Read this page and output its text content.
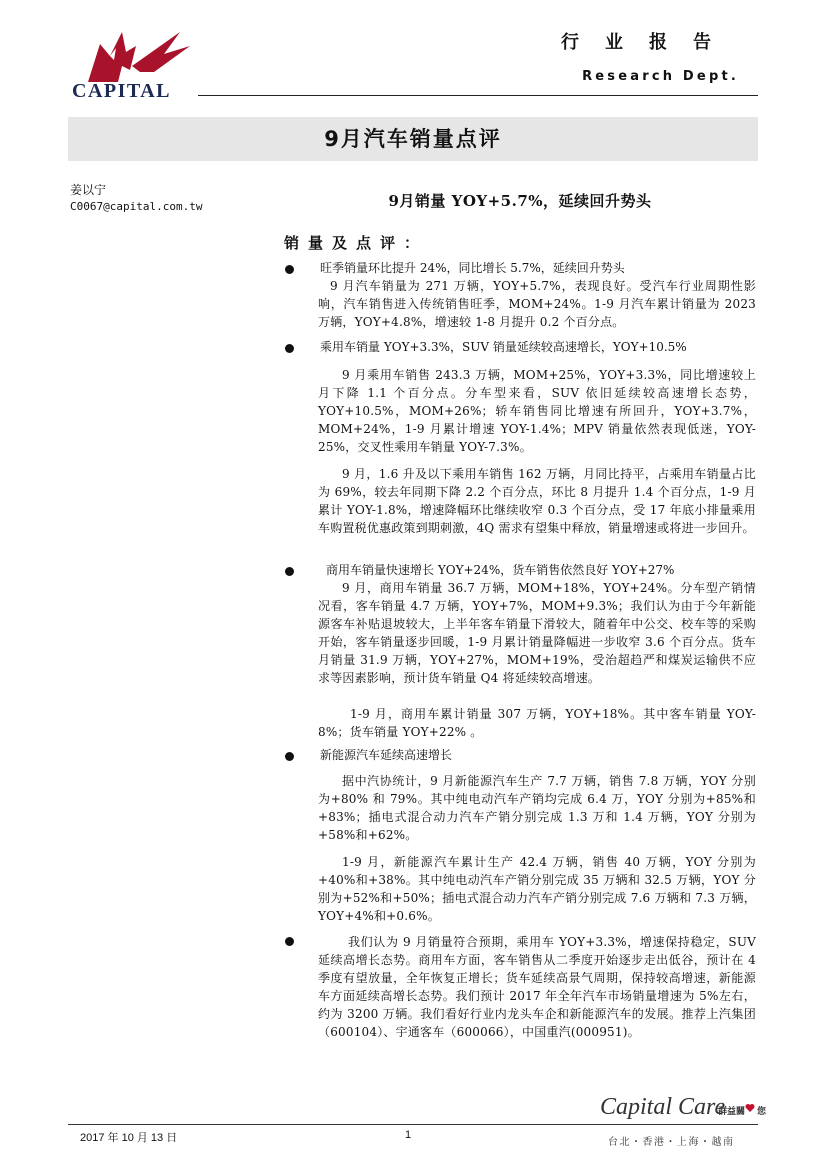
CAPITAL
行业报告
Research Dept.
9月汽车销量点评
姜以宁
C0067@capital.com.tw	9月销量 YOY+5.7%，延续回升势头
销量及点评：
旺季销量环比提升 24%，同比增长 5.7%，延续回升势头
9 月汽车销量为 271 万辆，YOY+5.7%，表现良好。受汽车行业周期性影响，汽车销售进入传统销售旺季，MOM+24%。1-9 月汽车累计销量为 2023 万辆，YOY+4.8%，增速较 1-8 月提升 0.2 个百分点。
乘用车销量 YOY+3.3%，SUV 销量延续较高速增长，YOY+10.5%
9 月乘用车销售 243.3 万辆，MOM+25%，YOY+3.3%，同比增速较上月下降 1.1 个百分点。分车型来看，SUV 依旧延续较高速增长态势，YOY+10.5%，MOM+26%；轿车销售同比增速有所回升，YOY+3.7%，MOM+24%，1-9 月累计增速 YOY-1.4%；MPV 销量依然表现低迷，YOY-25%，交叉性乘用车销量 YOY-7.3%。
9 月，1.6 升及以下乘用车销售 162 万辆，月同比持平，占乘用车销量占比为 69%，较去年同期下降 2.2 个百分点，环比 8 月提升 1.4 个百分点，1-9 月累计 YOY-1.8%，增速降幅环比继续收窄 0.3 个百分点，受 17 年底小排量乘用车购置税优惠政策到期刺激，4Q 需求有望集中释放，销量增速或将进一步回升。
商用车销量快速增长 YOY+24%，货车销售依然良好 YOY+27%
9 月，商用车销量 36.7 万辆，MOM+18%，YOY+24%。分车型产销情况看，客车销量 4.7 万辆，YOY+7%，MOM+9.3%；我们认为由于今年新能源客车补贴退坡较大，上半年客车销量下滑较大，随着年中公交、校车等的采购开始，客车销量逐步回暖，1-9 月累计销量降幅进一步收窄 3.6 个百分点。货车月销量 31.9 万辆，YOY+27%，MOM+19%，受治超趋严和煤炭运输供不应求等因素影响，预计货车销量 Q4 将延续较高增速。
1-9 月，商用车累计销量 307 万辆，YOY+18%。其中客车销量 YOY-8%；货车销量 YOY+22% 。
新能源汽车延续高速增长
据中汽协统计，9 月新能源汽车生产 7.7 万辆，销售 7.8 万辆，YOY 分别为+80% 和 79%。其中纯电动汽车产销均完成 6.4 万，YOY 分别为+85%和+83%；插电式混合动力汽车产销分别完成 1.3 万和 1.4 万辆，YOY 分别为+58%和+62%。
1-9 月，新能源汽车累计生产 42.4 万辆，销售 40 万辆，YOY 分别为+40%和+38%。其中纯电动汽车产销分别完成 35 万辆和 32.5 万辆，YOY 分别为+52%和+50%；插电式混合动力汽车产销分别完成 7.6 万辆和 7.3 万辆，YOY+4%和+0.6%。
我们认为 9 月销量符合预期，乘用车 YOY+3.3%，增速保持稳定，SUV 延续高增长态势。商用车方面，客车销售从二季度开始逐步走出低谷，预计在 4 季度有望放量，全年恢复正增长；货车延续高景气周期，保持较高增速，新能源车方面延续高增长态势。我们预计 2017 年全年汽车市场销量增速为 5%左右，约为 3200 万辆。我们看好行业内龙头车企和新能源汽车的发展。推荐上汽集团（600104）、宇通客车（600066），中国重汽(000951)。
Capital Care
群益關 您
台北・香港・上海・越南
2017 年 10 月 13 日	1
